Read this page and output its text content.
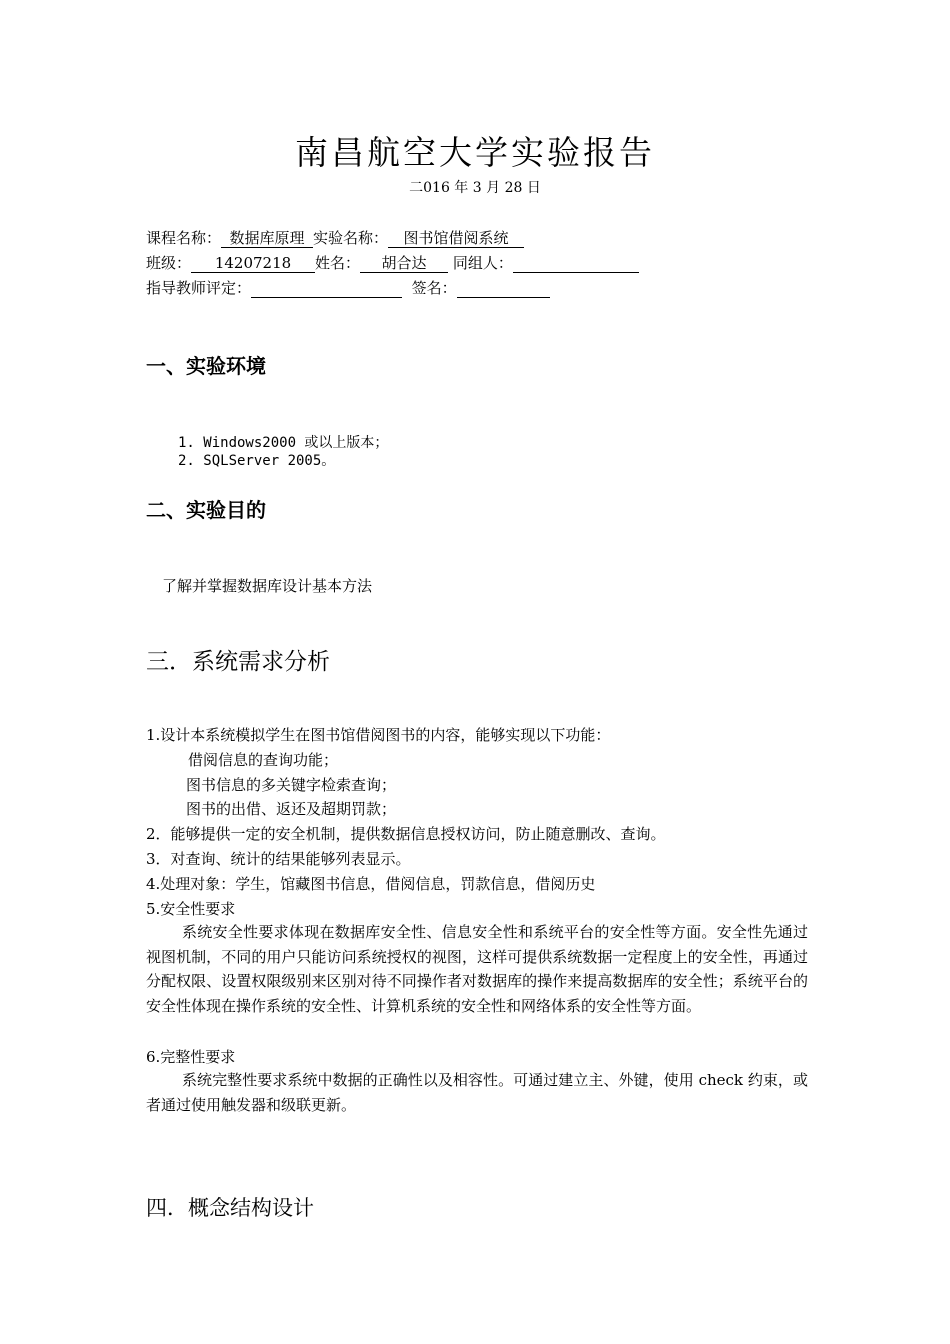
南昌航空大学实验报告
二016 年 3 月 28 日
课程名称： 数据库原理 实验名称： 图书馆借阅系统
班级： 14207218 姓名： 胡合达 同组人：
指导教师评定：	签名：
一、实验环境
1. Windows2000 或以上版本；
2. SQLServer 2005。
二、实验目的
了解并掌握数据库设计基本方法
三．系统需求分析
1.设计本系统模拟学生在图书馆借阅图书的内容，能够实现以下功能：
借阅信息的查询功能；
图书信息的多关键字检索查询；
图书的出借、返还及超期罚款；
2．能够提供一定的安全机制，提供数据信息授权访问，防止随意删改、查询。
3．对查询、统计的结果能够列表显示。
4.处理对象：学生，馆藏图书信息，借阅信息，罚款信息，借阅历史
5.安全性要求
系统安全性要求体现在数据库安全性、信息安全性和系统平台的安全性等方面。安全性先通过视图机制，不同的用户只能访问系统授权的视图，这样可提供系统数据一定程度上的安全性，再通过分配权限、设置权限级别来区别对待不同操作者对数据库的操作来提高数据库的安全性；系统平台的安全性体现在操作系统的安全性、计算机系统的安全性和网络体系的安全性等方面。
6.完整性要求
系统完整性要求系统中数据的正确性以及相容性。可通过建立主、外键，使用 check 约束，或者通过使用触发器和级联更新。
四．概念结构设计
